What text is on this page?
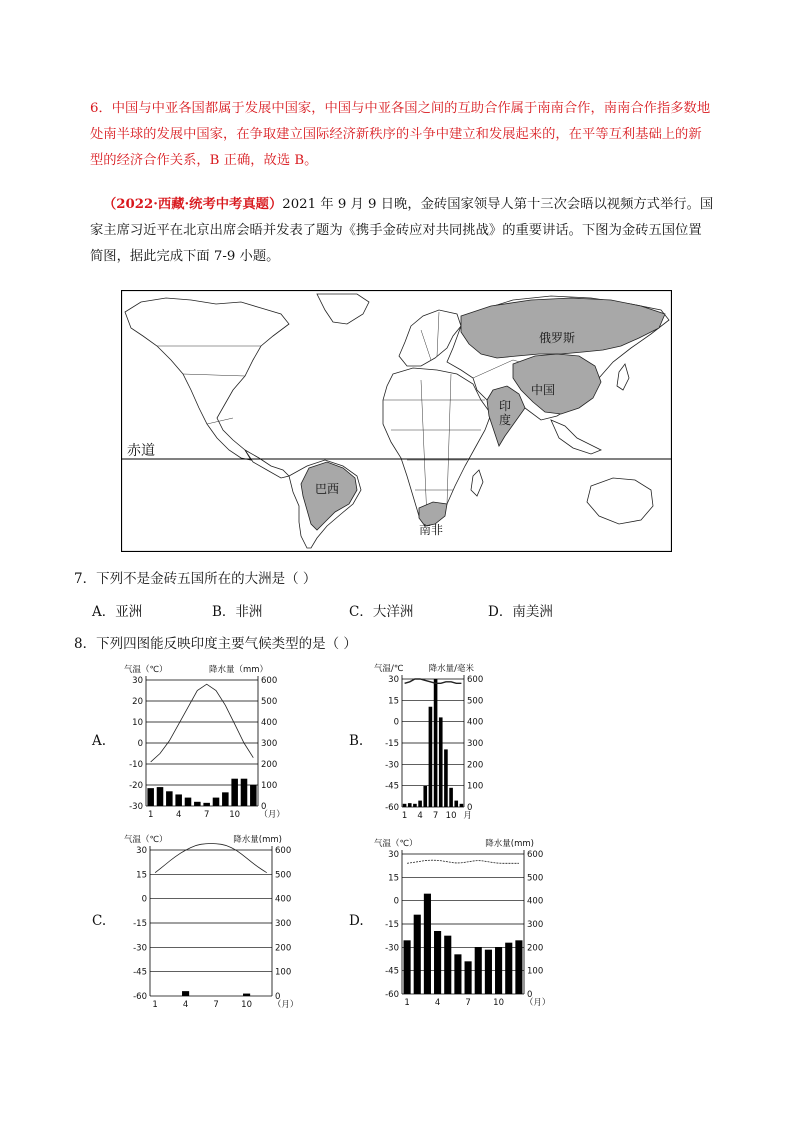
6．中国与中亚各国都属于发展中国家，中国与中亚各国之间的互助合作属于南南合作，南南合作指多数地

处南半球的发展中国家，在争取建立国际经济新秩序的斗争中建立和发展起来的，在平等互利基础上的新

型的经济合作关系，B 正确，故选 B。

（2022·西藏·统考中考真题）2021 年 9 月 9 日晚，金砖国家领导人第十三次会晤以视频方式举行。国

家主席习近平在北京出席会晤并发表了题为《携手金砖应对共同挑战》的重要讲话。下图为金砖五国位置

简图，据此完成下面 7-9 小题。

赤道
俄罗斯
中国
印
度
巴西
南非
7．下列不是金砖五国所在的大洲是（ ）
A．亚洲	B．非洲	C．大洋洲	D．南美洲
8．下列四图能反映印度主要气候类型的是（ ）
A.	B.
C.	D.
30	600
20	500
10	400
0	300
-10	200
-20	100
-30	0
气温（℃）	降水量（mm）
1	4	7 10 （月）
30	600
15	500
0	400
-15	300
-30	200
-45	100
-60	0
气温/℃	降水量/毫米
1 4 7 10 月
30	600
15	500
0	400
-15	300
-30	200
-45	100
-60	0
气温（℃）	降水量(mm)
1	4	7	10 （月）
30	600
15	500
0	400
-15	300
-30	200
-45	100
-60	0
气温（℃）	降水量(mm)
1	4	7	10 （月）
